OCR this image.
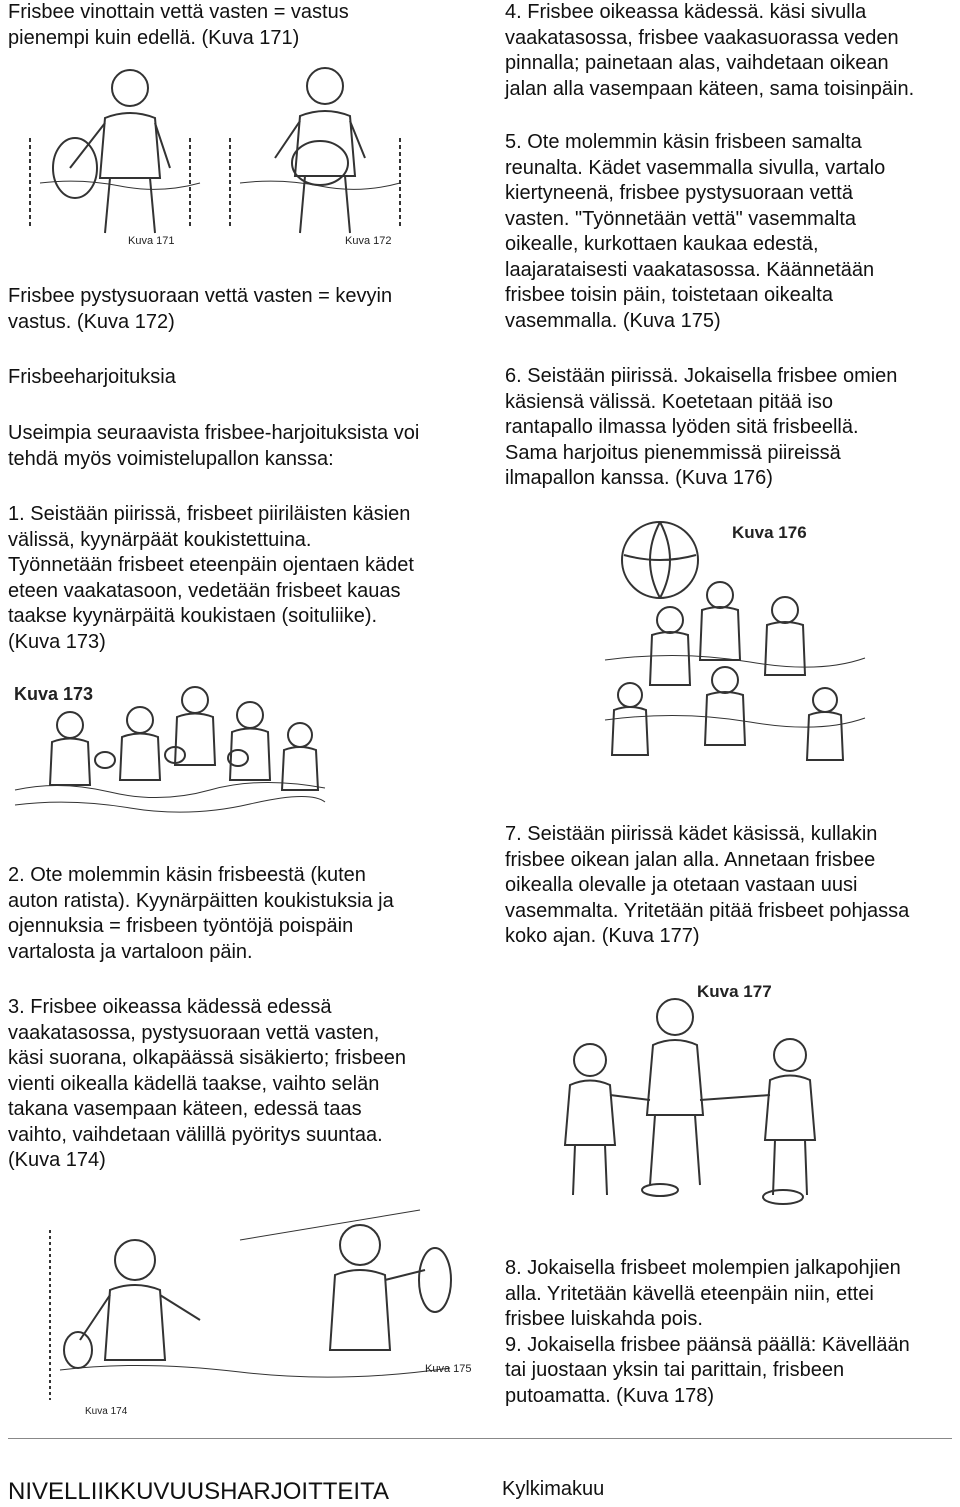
Frisbee vinottain vettä vasten = vastus
pienempi kuin edellä. (Kuva 171)

Kuva 171	Kuva 172

Frisbee pystysuoraan vettä vasten = kevyin
vastus. (Kuva 172)

Frisbeeharjoituksia

Useimpia seuraavista frisbee-harjoituksista voi
tehdä myös voimistelupallon kanssa:

1. Seistään piirissä, frisbeet piiriläisten käsien
välissä, kyynärpäät koukistettuina.
Työnnetään frisbeet eteenpäin ojentaen kädet
eteen vaakatasoon, vedetään frisbeet kauas
taakse kyynärpäitä koukistaen (soituliike).
(Kuva 173)

Kuva 173

2. Ote molemmin käsin frisbeestä (kuten
auton ratista). Kyynärpäitten koukistuksia ja
ojennuksia = frisbeen työntöjä poispäin
vartalosta ja vartaloon päin.

3. Frisbee oikeassa kädessä edessä
vaakatasossa, pystysuoraan vettä vasten,
käsi suorana, olkapäässä sisäkierto; frisbeen
vienti oikealla kädellä taakse, vaihto selän
takana vasempaan käteen, edessä taas
vaihto, vaihdetaan välillä pyöritys suuntaa.
(Kuva 174)

Kuva 174
Kuva 175

4. Frisbee oikeassa kädessä. käsi sivulla
vaakatasossa, frisbee vaakasuorassa veden
pinnalla; painetaan alas, vaihdetaan oikean
jalan alla vasempaan käteen, sama toisinpäin.

5. Ote molemmin käsin frisbeen samalta
reunalta. Kädet vasemmalla sivulla, vartalo
kiertyneenä, frisbee pystysuoraan vettä
vasten. "Työnnetään vettä" vasemmalta
oikealle, kurkottaen kaukaa edestä,
laajarataisesti vaakatasossa. Käännetään
frisbee toisin päin, toistetaan oikealta
vasemmalla. (Kuva 175)

6. Seistään piirissä. Jokaisella frisbee omien
käsiensä välissä. Koetetaan pitää iso
rantapallo ilmassa lyöden sitä frisbeellä.
Sama harjoitus pienemmissä piireissä
ilmapallon kanssa. (Kuva 176)

Kuva 176

7. Seistään piirissä kädet käsissä, kullakin
frisbee oikean jalan alla. Annetaan frisbee
oikealla olevalle ja otetaan vastaan uusi
vasemmalta. Yritetään pitää frisbeet pohjassa
koko ajan. (Kuva 177)

Kuva 177

8. Jokaisella frisbeet molempien jalkapohjien
alla. Yritetään kävellä eteenpäin niin, ettei
frisbee luiskahda pois.
9. Jokaisella frisbee päänsä päällä: Kävellään
tai juostaan yksin tai parittain, frisbeen
putoamatta. (Kuva 178)

NIVELLIIKKUVUUSHARJOITTEITA	Kylkimakuu
